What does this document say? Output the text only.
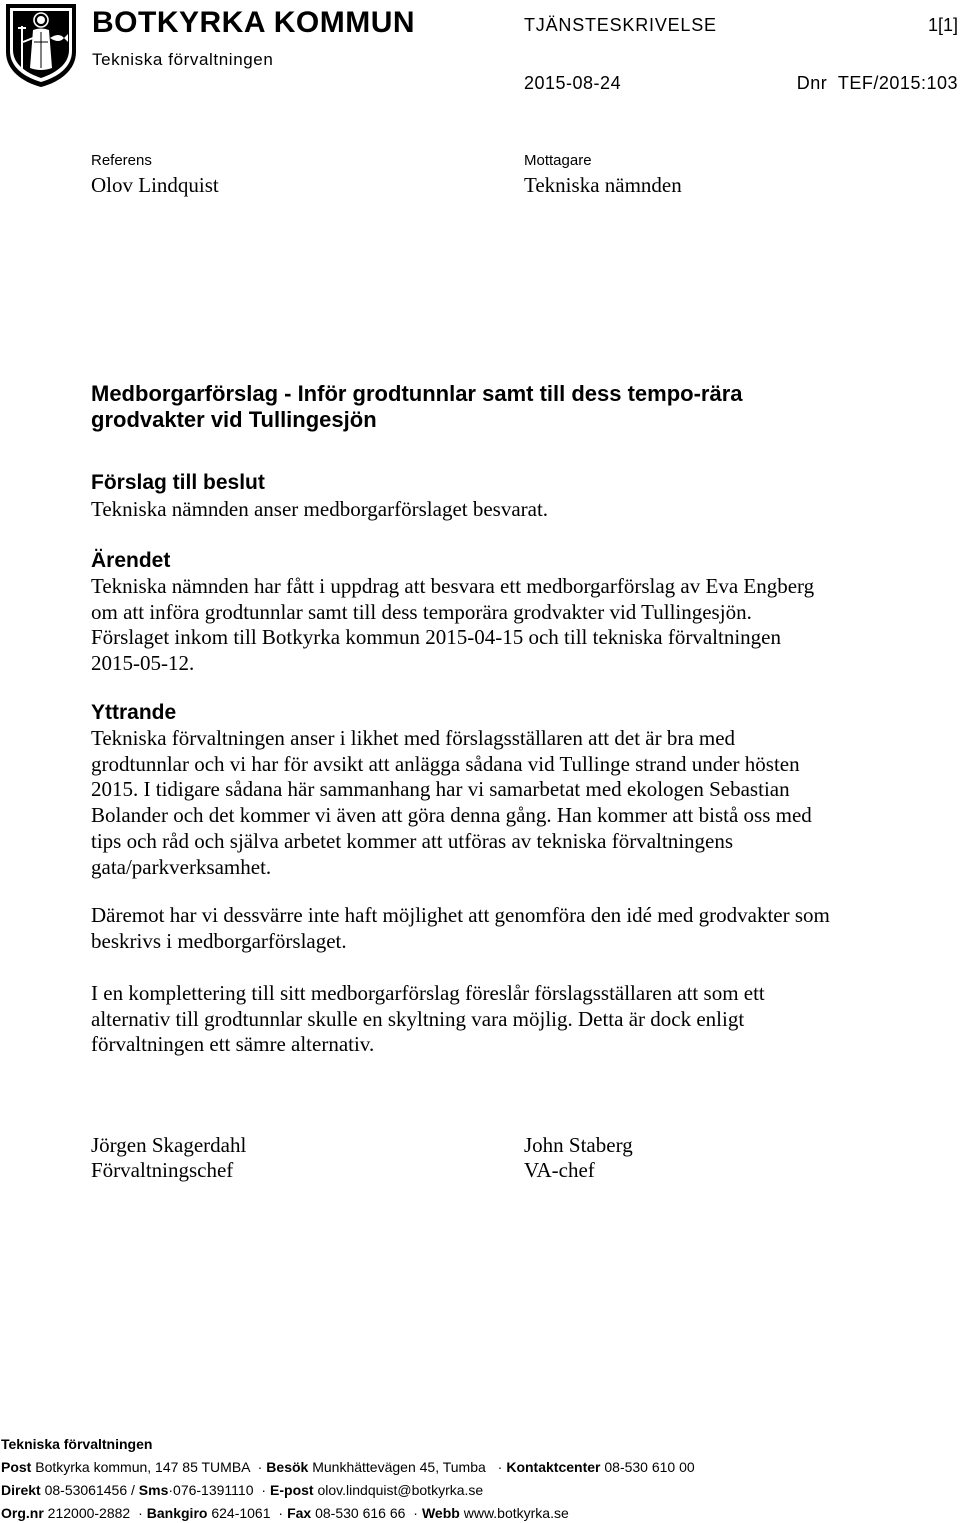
BOTKYRKA KOMMUN
Tekniska förvaltningen
TJÄNSTESKRIVELSE	1[1]
2015-08-24	Dnr  TEF/2015:103
Referens
Olov Lindquist
Mottagare
Tekniska nämnden
Medborgarförslag - Inför grodtunnlar samt till dess tempo-rära grodvakter vid Tullingesjön
Förslag till beslut
Tekniska nämnden anser medborgarförslaget besvarat.
Ärendet
Tekniska nämnden har fått i uppdrag att besvara ett medborgarförslag av Eva Engberg om att införa grodtunnlar samt till dess temporära grodvakter vid Tullingesjön. Förslaget inkom till Botkyrka kommun 2015-04-15 och till tekniska förvaltningen 2015-05-12.
Yttrande
Tekniska förvaltningen anser i likhet med förslagsställaren att det är bra med grodtunnlar och vi har för avsikt att anlägga sådana vid Tullinge strand under hösten 2015. I tidigare sådana här sammanhang har vi samarbetat med ekologen Sebastian Bolander och det kommer vi även att göra denna gång. Han kommer att bistå oss med tips och råd och själva arbetet kommer att utföras av tekniska förvaltningens gata/parkverksamhet.
Däremot har vi dessvärre inte haft möjlighet att genomföra den idé med grodvakter som beskrivs i medborgarförslaget.
I en komplettering till sitt medborgarförslag föreslår förslagsställaren att som ett alternativ till grodtunnlar skulle en skyltning vara möjlig. Detta är dock enligt förvaltningen ett sämre alternativ.
Jörgen Skagerdahl
Förvaltningschef
John Staberg
VA-chef
Tekniska förvaltningen
Post Botkyrka kommun, 147 85 TUMBA · Besök Munkhättevägen 45, Tumba · Kontaktcenter 08-530 610 00
Direkt 08-53061456 / Sms·076-1391110 · E-post olov.lindquist@botkyrka.se
Org.nr 212000-2882 · Bankgiro 624-1061 · Fax 08-530 616 66 · Webb www.botkyrka.se
